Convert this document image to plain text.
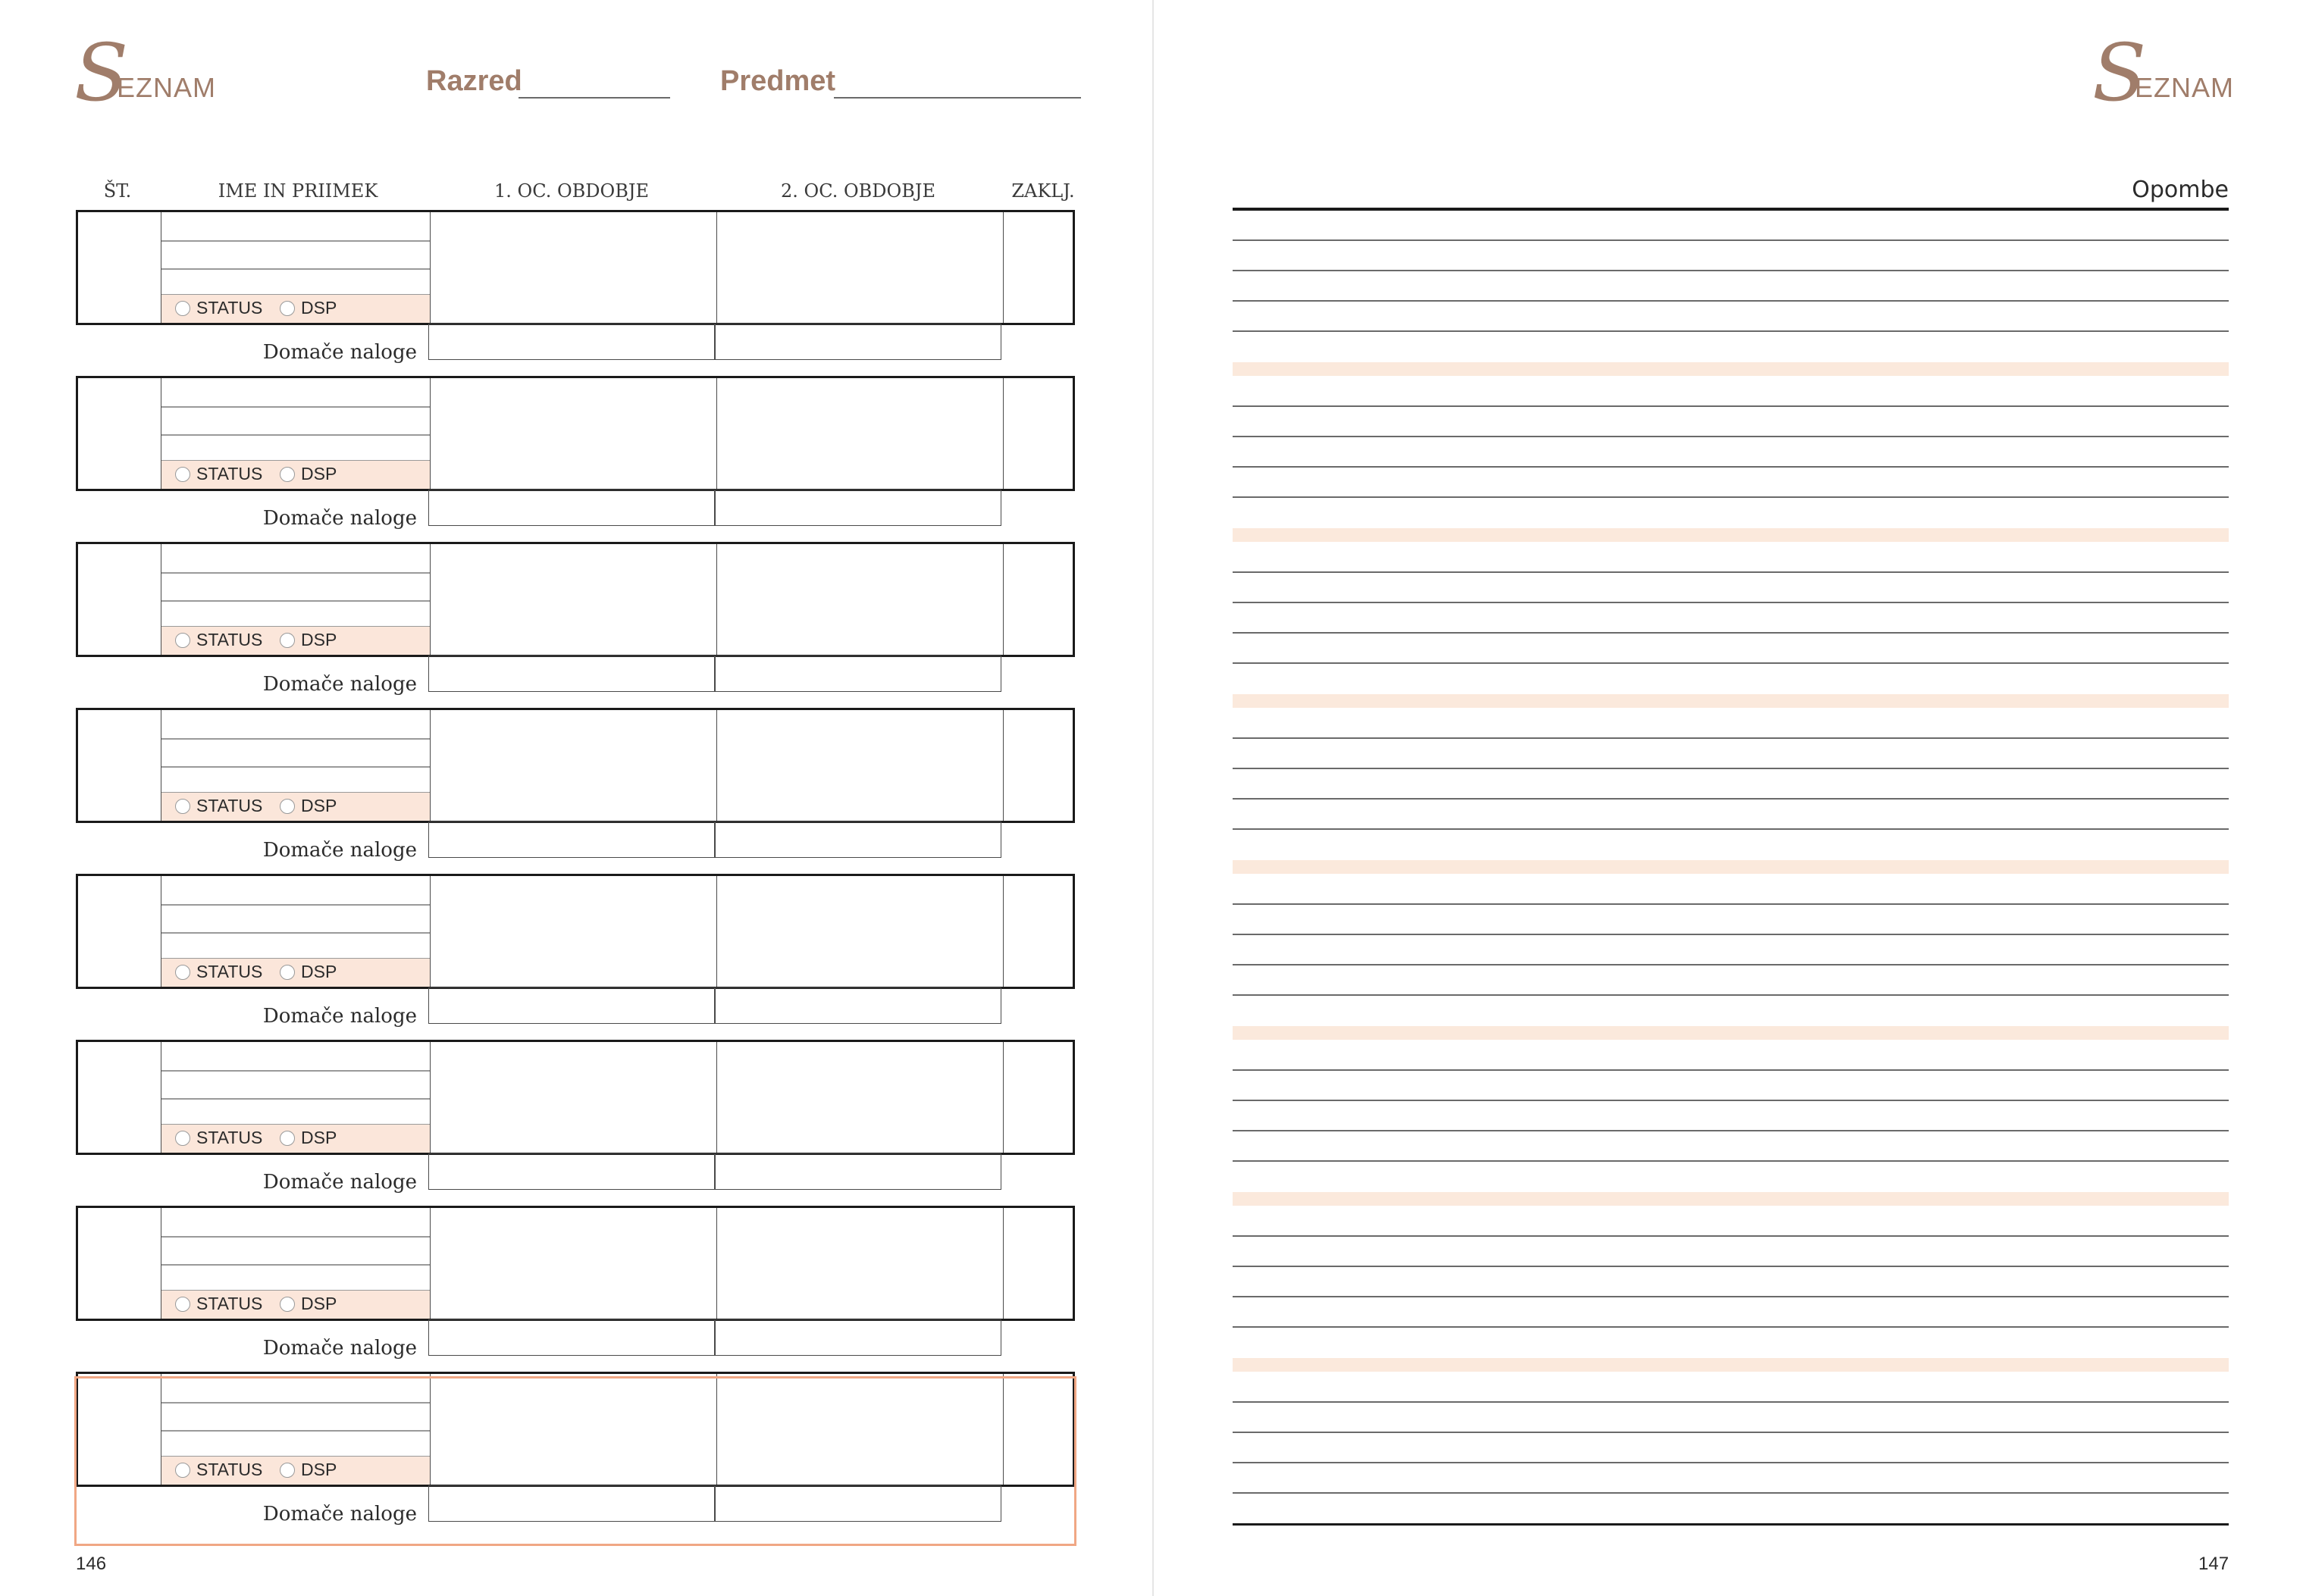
S
EZNAM	Razred	Predmet
ŠT.	IME IN PRIIMEK	1. OC. OBDOBJE	2. OC. OBDOBJE	ZAKLJ.
STATUS DSP
Domače naloge
STATUS DSP
Domače naloge
STATUS DSP
Domače naloge
STATUS DSP
Domače naloge
STATUS DSP
Domače naloge
STATUS DSP
Domače naloge
STATUS DSP
Domače naloge
STATUS DSP
Domače naloge
146
S
EZNAM
Opombe
147
